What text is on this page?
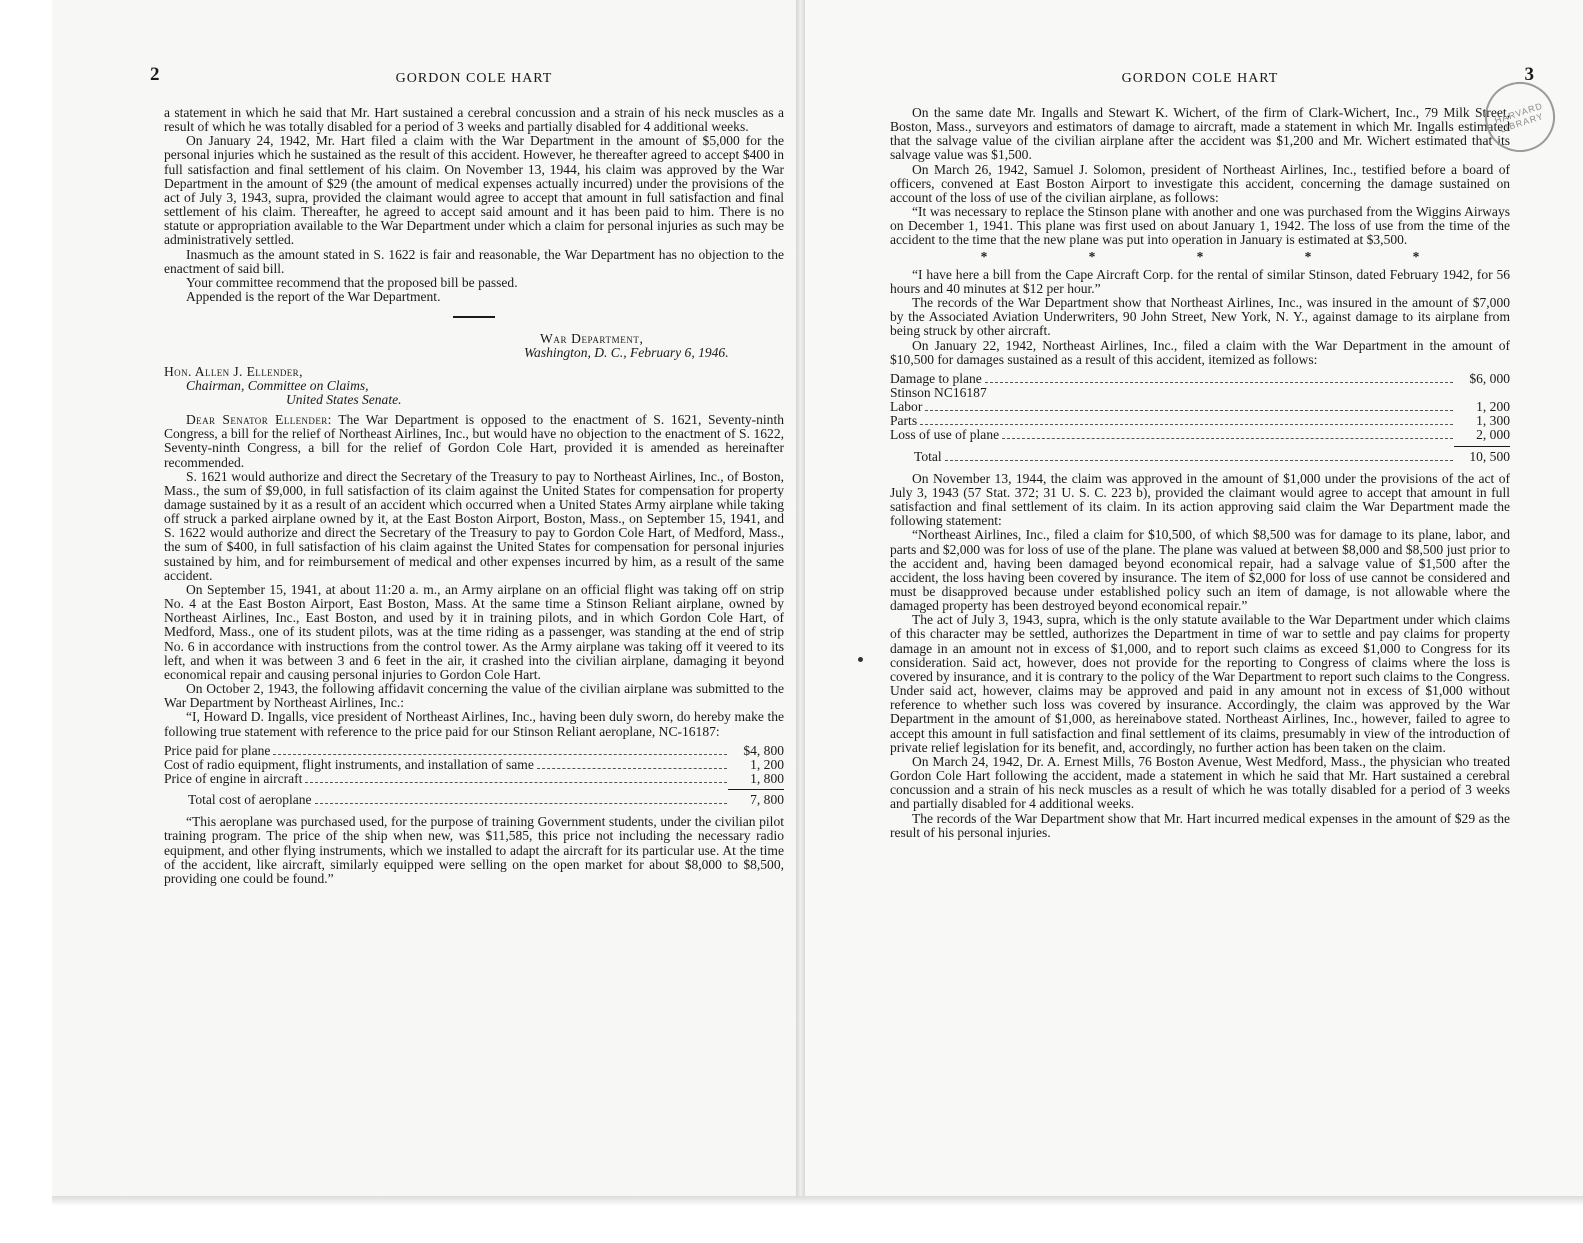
2	GORDON COLE HART

a statement in which he said that Mr. Hart sustained a cerebral concussion and a strain of his neck muscles as a result of which he was totally disabled for a period of 3 weeks and partially disabled for 4 additional weeks.

On January 24, 1942, Mr. Hart filed a claim with the War Department in the amount of $5,000 for the personal injuries which he sustained as the result of this accident. However, he thereafter agreed to accept $400 in full satisfaction and final settlement of his claim. On November 13, 1944, his claim was approved by the War Department in the amount of $29 (the amount of medical expenses actually incurred) under the provisions of the act of July 3, 1943, supra, provided the claimant would agree to accept that amount in full satisfaction and final settlement of his claim. Thereafter, he agreed to accept said amount and it has been paid to him. There is no statute or appropriation available to the War Department under which a claim for personal injuries as such may be administratively settled.

Inasmuch as the amount stated in S. 1622 is fair and reasonable, the War Department has no objection to the enactment of said bill.

Your committee recommend that the proposed bill be passed.

Appended is the report of the War Department.

War Department,
Washington, D. C., February 6, 1946.
Hon. Allen J. Ellender,
Chairman, Committee on Claims,
United States Senate.

Dear Senator Ellender: The War Department is opposed to the enactment of S. 1621, Seventy-ninth Congress, a bill for the relief of Northeast Airlines, Inc., but would have no objection to the enactment of S. 1622, Seventy-ninth Congress, a bill for the relief of Gordon Cole Hart, provided it is amended as hereinafter recommended.

S. 1621 would authorize and direct the Secretary of the Treasury to pay to Northeast Airlines, Inc., of Boston, Mass., the sum of $9,000, in full satisfaction of its claim against the United States for compensation for property damage sustained by it as a result of an accident which occurred when a United States Army airplane while taking off struck a parked airplane owned by it, at the East Boston Airport, Boston, Mass., on September 15, 1941, and S. 1622 would authorize and direct the Secretary of the Treasury to pay to Gordon Cole Hart, of Medford, Mass., the sum of $400, in full satisfaction of his claim against the United States for compensation for personal injuries sustained by him, and for reimbursement of medical and other expenses incurred by him, as a result of the same accident.

On September 15, 1941, at about 11:20 a. m., an Army airplane on an official flight was taking off on strip No. 4 at the East Boston Airport, East Boston, Mass. At the same time a Stinson Reliant airplane, owned by Northeast Airlines, Inc., East Boston, and used by it in training pilots, and in which Gordon Cole Hart, of Medford, Mass., one of its student pilots, was at the time riding as a passenger, was standing at the end of strip No. 6 in accordance with instructions from the control tower. As the Army airplane was taking off it veered to its left, and when it was between 3 and 6 feet in the air, it crashed into the civilian airplane, damaging it beyond economical repair and causing personal injuries to Gordon Cole Hart.

On October 2, 1943, the following affidavit concerning the value of the civilian airplane was submitted to the War Department by Northeast Airlines, Inc.:

“I, Howard D. Ingalls, vice president of Northeast Airlines, Inc., having been duly sworn, do hereby make the following true statement with reference to the price paid for our Stinson Reliant aeroplane, NC-16187:

Price paid for plane	$4, 800
Cost of radio equipment, flight instruments, and installation of same	1, 200
Price of engine in aircraft	1, 800
Total cost of aeroplane	7, 800

“This aeroplane was purchased used, for the purpose of training Government students, under the civilian pilot training program. The price of the ship when new, was $11,585, this price not including the necessary radio equipment, and other flying instruments, which we installed to adapt the aircraft for its particular use. At the time of the accident, like aircraft, similarly equipped were selling on the open market for about $8,000 to $8,500, providing one could be found.”

GORDON COLE HART	3

On the same date Mr. Ingalls and Stewart K. Wichert, of the firm of Clark-Wichert, Inc., 79 Milk Street, Boston, Mass., surveyors and estimators of damage to aircraft, made a statement in which Mr. Ingalls estimated that the salvage value of the civilian airplane after the accident was $1,200 and Mr. Wichert estimated that its salvage value was $1,500.

On March 26, 1942, Samuel J. Solomon, president of Northeast Airlines, Inc., testified before a board of officers, convened at East Boston Airport to investigate this accident, concerning the damage sustained on account of the loss of use of the civilian airplane, as follows:

“It was necessary to replace the Stinson plane with another and one was purchased from the Wiggins Airways on December 1, 1941. This plane was first used on about January 1, 1942. The loss of use from the time of the accident to the time that the new plane was put into operation in January is estimated at $3,500.

*	*	*	*	*

“I have here a bill from the Cape Aircraft Corp. for the rental of similar Stinson, dated February 1942, for 56 hours and 40 minutes at $12 per hour.”

The records of the War Department show that Northeast Airlines, Inc., was insured in the amount of $7,000 by the Associated Aviation Underwriters, 90 John Street, New York, N. Y., against damage to its airplane from being struck by other aircraft.

On January 22, 1942, Northeast Airlines, Inc., filed a claim with the War Department in the amount of $10,500 for damages sustained as a result of this accident, itemized as follows:

Damage to plane	$6, 000
Stinson NC16187
Labor	1, 200
Parts	1, 300
Loss of use of plane	2, 000
Total	10, 500

On November 13, 1944, the claim was approved in the amount of $1,000 under the provisions of the act of July 3, 1943 (57 Stat. 372; 31 U. S. C. 223 b), provided the claimant would agree to accept that amount in full satisfaction and final settlement of its claim. In its action approving said claim the War Department made the following statement:

“Northeast Airlines, Inc., filed a claim for $10,500, of which $8,500 was for damage to its plane, labor, and parts and $2,000 was for loss of use of the plane. The plane was valued at between $8,000 and $8,500 just prior to the accident and, having been damaged beyond economical repair, had a salvage value of $1,500 after the accident, the loss having been covered by insurance. The item of $2,000 for loss of use cannot be considered and must be disapproved because under established policy such an item of damage, is not allowable where the damaged property has been destroyed beyond economical repair.”

The act of July 3, 1943, supra, which is the only statute available to the War Department under which claims of this character may be settled, authorizes the Department in time of war to settle and pay claims for property damage in an amount not in excess of $1,000, and to report such claims as exceed $1,000 to Congress for its consideration. Said act, however, does not provide for the reporting to Congress of claims where the loss is covered by insurance, and it is contrary to the policy of the War Department to report such claims to the Congress. Under said act, however, claims may be approved and paid in any amount not in excess of $1,000 without reference to whether such loss was covered by insurance. Accordingly, the claim was approved by the War Department in the amount of $1,000, as hereinabove stated. Northeast Airlines, Inc., however, failed to agree to accept this amount in full satisfaction and final settlement of its claims, presumably in view of the introduction of private relief legislation for its benefit, and, accordingly, no further action has been taken on the claim.

On March 24, 1942, Dr. A. Ernest Mills, 76 Boston Avenue, West Medford, Mass., the physician who treated Gordon Cole Hart following the accident, made a statement in which he said that Mr. Hart sustained a cerebral concussion and a strain of his neck muscles as a result of which he was totally disabled for a period of 3 weeks and partially disabled for 4 additional weeks.

The records of the War Department show that Mr. Hart incurred medical expenses in the amount of $29 as the result of his personal injuries.

HARVARD LIBRARY
